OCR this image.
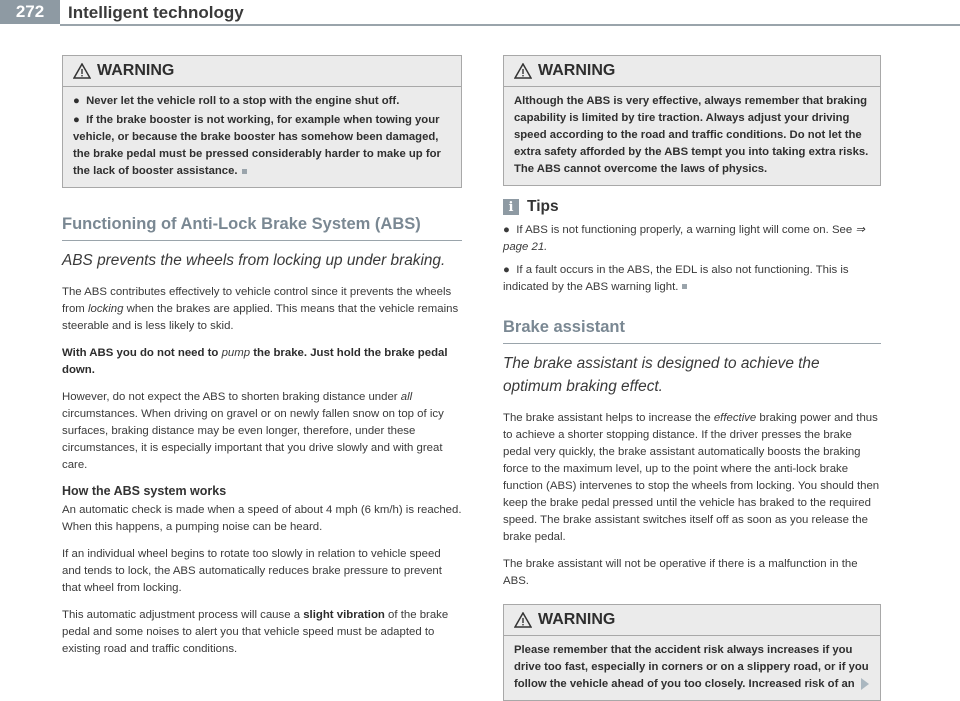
272	Intelligent technology
WARNING

●  Never let the vehicle roll to a stop with the engine shut off.

●  If the brake booster is not working, for example when towing your vehicle, or because the brake booster has somehow been damaged, the brake pedal must be pressed considerably harder to make up for the lack of booster assistance.

Functioning of Anti-Lock Brake System (ABS)
ABS prevents the wheels from locking up under braking.

The ABS contributes effectively to vehicle control since it prevents the wheels from locking when the brakes are applied. This means that the vehicle remains steerable and is less likely to skid.

With ABS you do not need to pump the brake. Just hold the brake pedal down.

However, do not expect the ABS to shorten braking distance under all circumstances. When driving on gravel or on newly fallen snow on top of icy surfaces, braking distance may be even longer, therefore, under these circumstances, it is especially important that you drive slowly and with great care.

How the ABS system works

An automatic check is made when a speed of about 4 mph (6 km/h) is reached. When this happens, a pumping noise can be heard.

If an individual wheel begins to rotate too slowly in relation to vehicle speed and tends to lock, the ABS automatically reduces brake pressure to prevent that wheel from locking.

This automatic adjustment process will cause a slight vibration of the brake pedal and some noises to alert you that vehicle speed must be adapted to existing road and traffic conditions.

WARNING

Although the ABS is very effective, always remember that braking capability is limited by tire traction. Always adjust your driving speed according to the road and traffic conditions. Do not let the extra safety afforded by the ABS tempt you into taking extra risks. The ABS cannot overcome the laws of physics.

i Tips

●  If ABS is not functioning properly, a warning light will come on. See ⇒ page 21.

●  If a fault occurs in the ABS, the EDL is also not functioning. This is indicated by the ABS warning light.

Brake assistant
The brake assistant is designed to achieve the optimum braking effect.

The brake assistant helps to increase the effective braking power and thus to achieve a shorter stopping distance. If the driver presses the brake pedal very quickly, the brake assistant automatically boosts the braking force to the maximum level, up to the point where the anti-lock brake function (ABS) intervenes to stop the wheels from locking. You should then keep the brake pedal pressed until the vehicle has braked to the required speed. The brake assistant switches itself off as soon as you release the brake pedal.

The brake assistant will not be operative if there is a malfunction in the ABS.

WARNING

Please remember that the accident risk always increases if you drive too fast, especially in corners or on a slippery road, or if you follow the vehicle ahead of you too closely. Increased risk of an
